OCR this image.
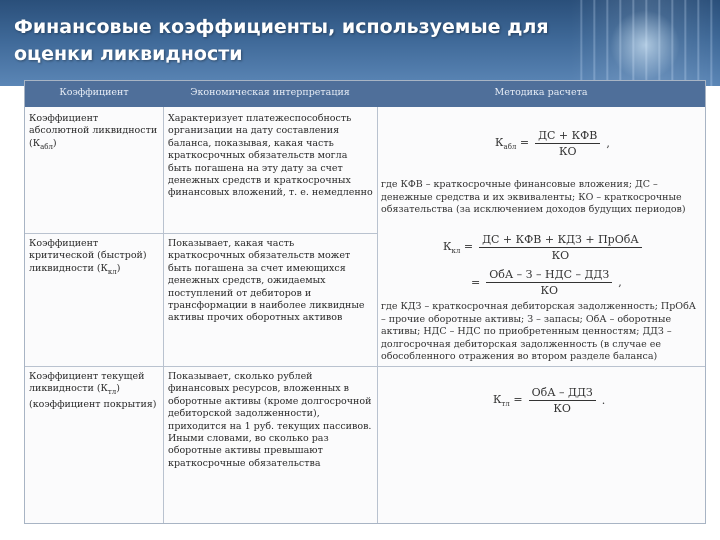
Финансовые коэффициенты, используемые для оценки ликвидности
Коэффициент	Экономическая интерпретация	Методика расчета
Коэффициент абсолютной ликвидности $(К_{абл})$
Характеризует платежеспособность организации на дату составления баланса, показывая, какая часть краткосрочных обязательств могла быть погашена на эту дату за счет денежных средств и краткосрочных финансовых вложений, т. е. немедленно
$К_{абл} = \frac{\text{ДС + КФВ}}{КО}$ ,
где КФВ – краткосрочные финансовые вложения; ДС – денежные средства и их эквиваленты; КО – краткосрочные обязательства (за исключением доходов будущих периодов)
Коэффициент критической (быстрой) ликвидности $(К_{кл})$
Показывает, какая часть краткосрочных обязательств может быть погашена за счет имеющихся денежных средств, ожидаемых поступлений от дебиторов и трансформации в наиболее ликвидные активы прочих оборотных активов
$К_{кл} = \frac{\text{ДС + КФВ + КДЗ + ПрОбА}}{КО}$
= $\frac{\text{ОбА – З – НДС – ДДЗ}}{КО}$ ,
где КДЗ – краткосрочная дебиторская задолженность; ПрОбА – прочие оборотные активы; З – запасы; ОбА – оборотные активы; НДС – НДС по приобретенным ценностям; ДДЗ – долгосрочная дебиторская задолженность (в случае ее обособленного отражения во втором разделе баланса)
Коэффициент текущей ликвидности $(К_{тл})$ (коэффициент покрытия)
Показывает, сколько рублей финансовых ресурсов, вложенных в оборотные активы (кроме долгосрочной дебиторской задолженности), приходится на 1 руб. текущих пассивов. Иными словами, во сколько раз оборотные активы превышают краткосрочные обязательства
$К_{тл} = \frac{\text{ОбА – ДДЗ}}{КО}$ .
